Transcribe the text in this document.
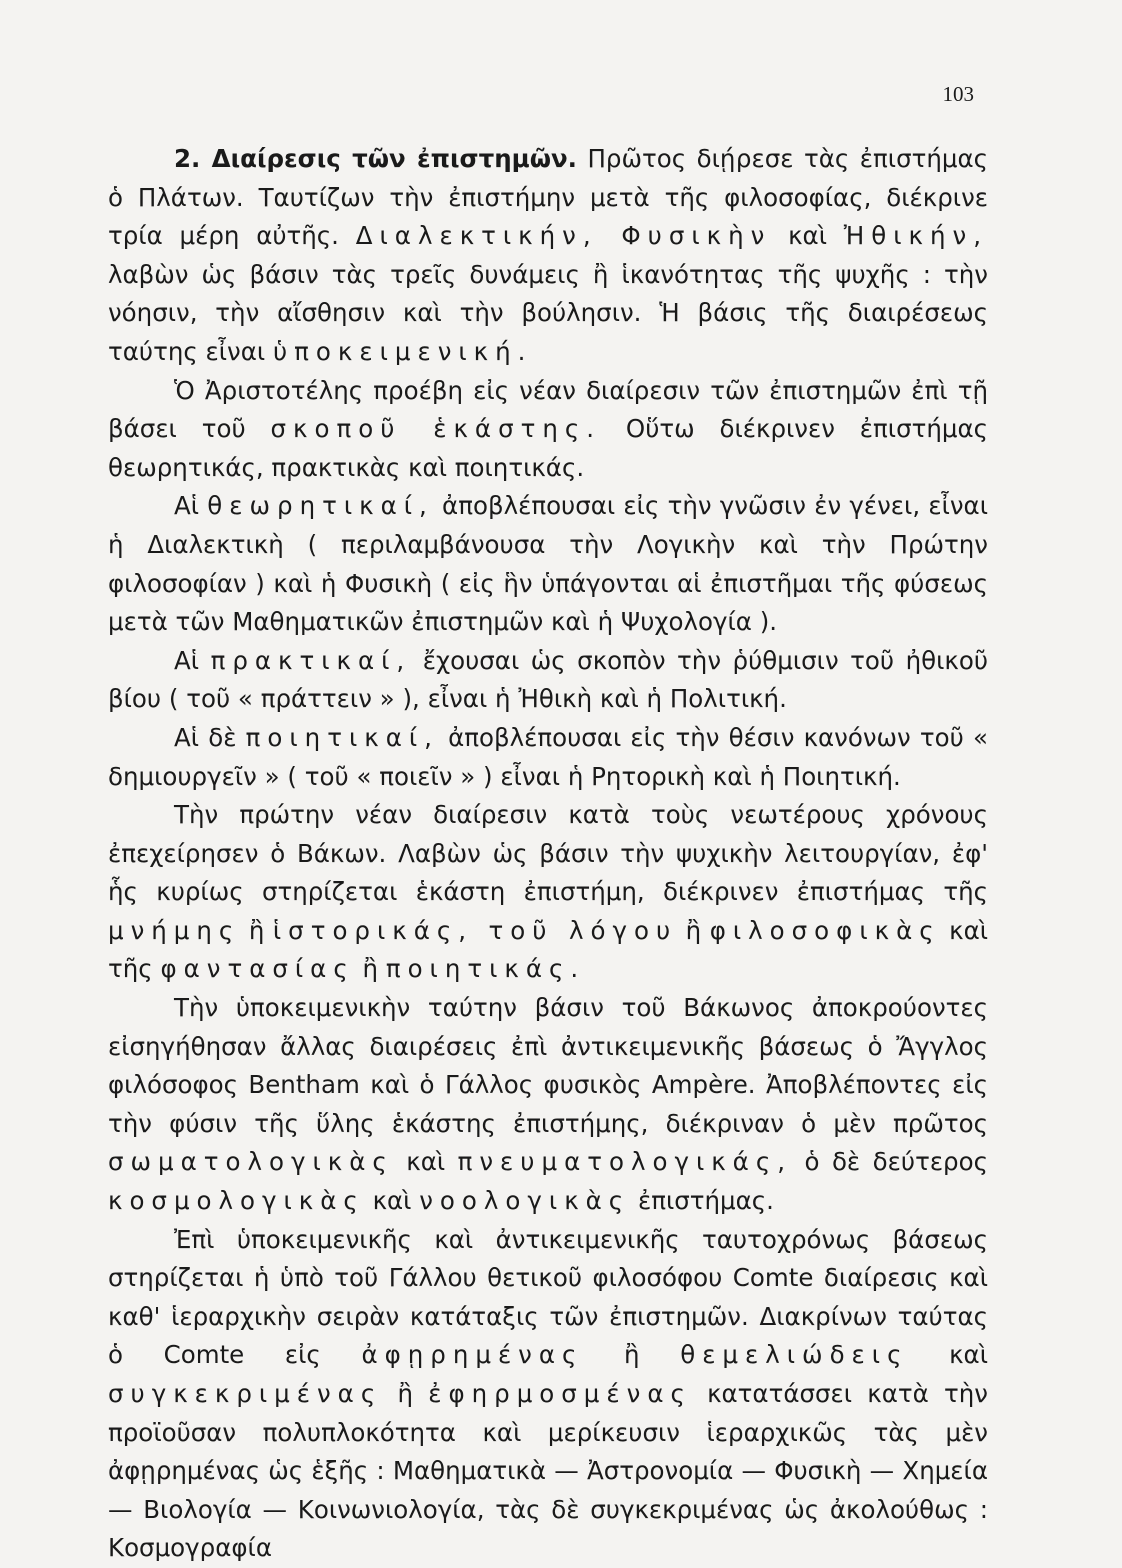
103

2. Διαίρεσις τῶν ἐπιστημῶν. Πρῶτος διῄρεσε τὰς ἐπιστήμας ὁ Πλάτων. Ταυτίζων τὴν ἐπιστήμην μετὰ τῆς φιλοσοφίας, διέκρινε τρία μέρη αὐτῆς. Διαλεκτικήν, Φυσικὴν καὶ Ἠθικήν, λαβὼν ὡς βάσιν τὰς τρεῖς δυνάμεις ἢ ἱκανότητας τῆς ψυχῆς : τὴν νόησιν, τὴν αἴσθησιν καὶ τὴν βούλησιν. Ἡ βάσις τῆς διαιρέσεως ταύτης εἶναι ὑποκειμενική.

Ὁ Ἀριστοτέλης προέβη εἰς νέαν διαίρεσιν τῶν ἐπιστημῶν ἐπὶ τῇ βάσει τοῦ σκοποῦ ἑκάστης. Οὕτω διέκρινεν ἐπιστήμας θεωρητικάς, πρακτικὰς καὶ ποιητικάς.

Αἱ θεωρητικαί, ἀποβλέπουσαι εἰς τὴν γνῶσιν ἐν γένει, εἶναι ἡ Διαλεκτικὴ ( περιλαμβάνουσα τὴν Λογικὴν καὶ τὴν Πρώτην φιλοσοφίαν ) καὶ ἡ Φυσικὴ ( εἰς ἣν ὑπάγονται αἱ ἐπιστῆμαι τῆς φύσεως μετὰ τῶν Μαθηματικῶν ἐπιστημῶν καὶ ἡ Ψυχολογία ).

Αἱ πρακτικαί, ἔχουσαι ὡς σκοπὸν τὴν ῥύθμισιν τοῦ ἠθικοῦ βίου ( τοῦ « πράττειν » ), εἶναι ἡ Ἠθικὴ καὶ ἡ Πολιτική.

Αἱ δὲ ποιητικαί, ἀποβλέπουσαι εἰς τὴν θέσιν κανόνων τοῦ « δημιουργεῖν » ( τοῦ « ποιεῖν » ) εἶναι ἡ Ρητορικὴ καὶ ἡ Ποιητική.

Τὴν πρώτην νέαν διαίρεσιν κατὰ τοὺς νεωτέρους χρόνους ἐπεχείρησεν ὁ Βάκων. Λαβὼν ὡς βάσιν τὴν ψυχικὴν λειτουργίαν, ἐφ' ἧς κυρίως στηρίζεται ἑκάστη ἐπιστήμη, διέκρινεν ἐπιστήμας τῆς μνήμης ἢ ἱστορικάς, τοῦ λόγου ἢ φιλοσοφικὰς καὶ τῆς φαντασίας ἢ ποιητικάς.

Τὴν ὑποκειμενικὴν ταύτην βάσιν τοῦ Βάκωνος ἀποκρούοντες εἰσηγήθησαν ἄλλας διαιρέσεις ἐπὶ ἀντικειμενικῆς βάσεως ὁ Ἄγγλος φιλόσοφος Bentham καὶ ὁ Γάλλος φυσικὸς Ampère. Ἀποβλέποντες εἰς τὴν φύσιν τῆς ὕλης ἑκάστης ἐπιστήμης, διέκριναν ὁ μὲν πρῶτος σωματολογικὰς καὶ πνευματολογικάς, ὁ δὲ δεύτερος κοσμολογικὰς καὶ νοολογικὰς ἐπιστήμας.

Ἐπὶ ὑποκειμενικῆς καὶ ἀντικειμενικῆς ταυτοχρόνως βάσεως στηρίζεται ἡ ὑπὸ τοῦ Γάλλου θετικοῦ φιλοσόφου Comte διαίρεσις καὶ καθ' ἱεραρχικὴν σειρὰν κατάταξις τῶν ἐπιστημῶν. Διακρίνων ταύτας ὁ Comte εἰς ἀφῃρημένας ἢ θεμελιώδεις καὶ συγκεκριμένας ἢ ἐφηρμοσμένας κατατάσσει κατὰ τὴν προϊοῦσαν πολυπλοκότητα καὶ μερίκευσιν ἱεραρχικῶς τὰς μὲν ἀφῃρημένας ὡς ἑξῆς : Μαθηματικὰ — Ἀστρονομία — Φυσικὴ — Χημεία — Βιολογία — Κοινωνιολογία, τὰς δὲ συγκεκριμένας ὡς ἀκολούθως : Κοσμογραφία
